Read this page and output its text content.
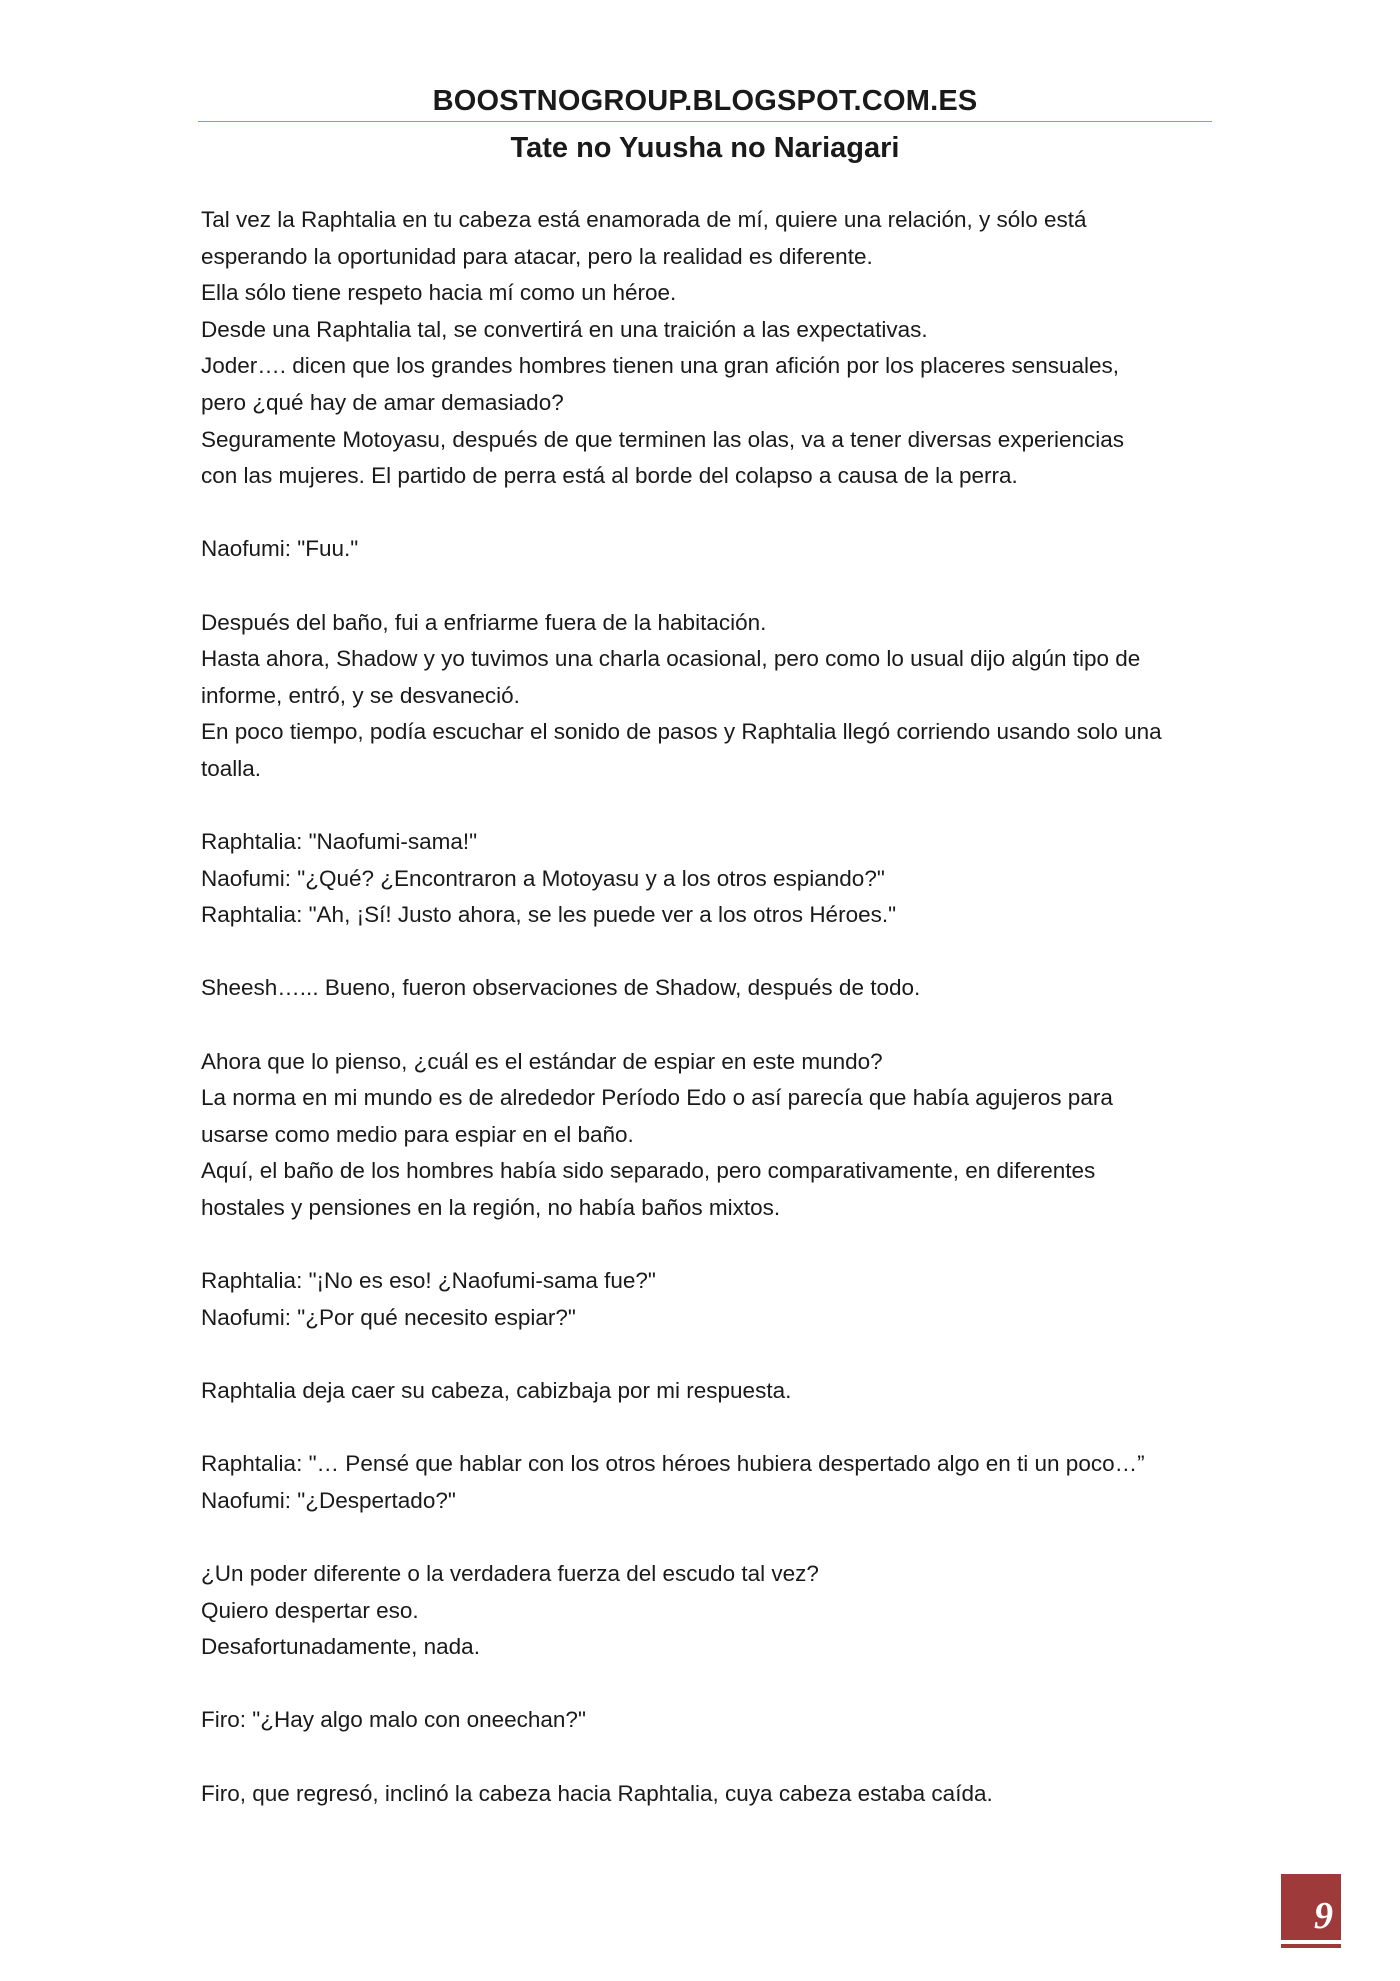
BOOSTNOGROUP.BLOGSPOT.COM.ES
Tate no Yuusha no Nariagari
Tal vez la Raphtalia en tu cabeza está enamorada de mí, quiere una relación, y sólo está
esperando la oportunidad para atacar, pero la realidad es diferente.
Ella sólo tiene respeto hacia mí como un héroe.
Desde una Raphtalia tal, se convertirá en una traición a las expectativas.
Joder…. dicen que los grandes hombres tienen una gran afición por los placeres sensuales,
pero ¿qué hay de amar demasiado?
Seguramente Motoyasu, después de que terminen las olas, va a tener diversas experiencias
con las mujeres. El partido de perra está al borde del colapso a causa de la perra.
Naofumi: "Fuu."
Después del baño, fui a enfriarme fuera de la habitación.
Hasta ahora, Shadow y yo tuvimos una charla ocasional, pero como lo usual dijo algún tipo de
informe, entró, y se desvaneció.
En poco tiempo, podía escuchar el sonido de pasos y Raphtalia llegó corriendo usando solo una
toalla.
Raphtalia: "Naofumi-sama!"
Naofumi: "¿Qué? ¿Encontraron a Motoyasu y a los otros espiando?"
Raphtalia: "Ah, ¡Sí! Justo ahora, se les puede ver a los otros Héroes."
Sheesh…... Bueno, fueron observaciones de Shadow, después de todo.
Ahora que lo pienso, ¿cuál es el estándar de espiar en este mundo?
La norma en mi mundo es de alrededor Período Edo o así parecía que había agujeros para
usarse como medio para espiar en el baño.
Aquí, el baño de los hombres había sido separado, pero comparativamente, en diferentes
hostales y pensiones en la región, no había baños mixtos.
Raphtalia: "¡No es eso! ¿Naofumi-sama fue?"
Naofumi: "¿Por qué necesito espiar?"
Raphtalia deja caer su cabeza, cabizbaja por mi respuesta.
Raphtalia: "… Pensé que hablar con los otros héroes hubiera despertado algo en ti un poco…”
Naofumi: "¿Despertado?"
¿Un poder diferente o la verdadera fuerza del escudo tal vez?
Quiero despertar eso.
Desafortunadamente, nada.
Firo: "¿Hay algo malo con oneechan?"
Firo, que regresó, inclinó la cabeza hacia Raphtalia, cuya cabeza estaba caída.
9
